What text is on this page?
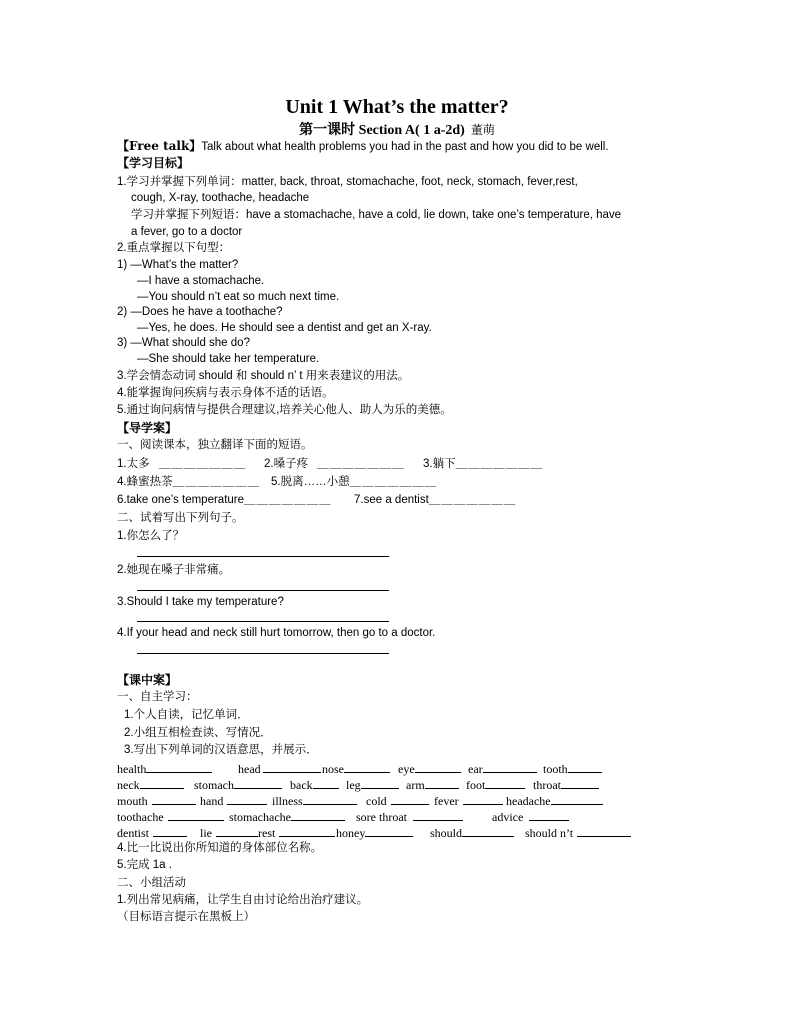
Unit 1 What’s the matter?
第一课时 Section A( 1 a-2d) 董萌
【Free talk】Talk about what health problems you had in the past and how you did to be well.
【学习目标】
1.学习并掌握下列单词：matter, back, throat, stomachache, foot, neck, stomach, fever,rest,
cough, X-ray, toothache, headache
学习并掌握下列短语：have a stomachache, have a cold, lie down, take one’s temperature, have
a fever, go to a doctor
2.重点掌握以下句型：
1) —What’s the matter?
—I have a stomachache.
—You should n’t eat so much next time.
2) —Does he have a toothache?
—Yes, he does. He should see a dentist and get an X-ray.
3) —What should she do?
—She should take her temperature.
3.学会情态动词 should 和 should n’ t 用来表建议的用法。
4.能掌握询问疾病与表示身体不适的话语。
5.通过询问病情与提供合理建议,培养关心他人、助人为乐的美德。
【导学案】
一、阅读课本，独立翻译下面的短语。
1.太多 ＿＿＿＿＿＿＿ 2.嗓子疼 ＿＿＿＿＿＿＿ 3.躺下＿＿＿＿＿＿＿
4.蜂蜜热茶＿＿＿＿＿＿＿ 5.脱离……小憩＿＿＿＿＿＿＿
6.take one’s temperature＿＿＿＿＿＿＿ 7.see a dentist＿＿＿＿＿＿＿
二、试着写出下列句子。
1.你怎么了？
2.她现在嗓子非常痛。
3.Should I take my temperature?
4.If your head and neck still hurt tomorrow, then go to a doctor.
【课中案】
一、自主学习：
1.个人自读，记忆单词．
2.小组互相检查读、写情况．
3.写出下列单词的汉语意思，并展示．
health	head	nose	eye	ear	tooth
neck	stomach	back	leg	arm	foot	throat
mouth	hand	illness	cold	fever	headache
toothache	stomachache	sore throat	advice
dentist	lie	rest	honey	should	should n’t
4.比一比说出你所知道的身体部位名称。
5.完成 1a .
二、小组活动
1.列出常见病痛，让学生自由讨论给出治疗建议。
（目标语言提示在黑板上）
